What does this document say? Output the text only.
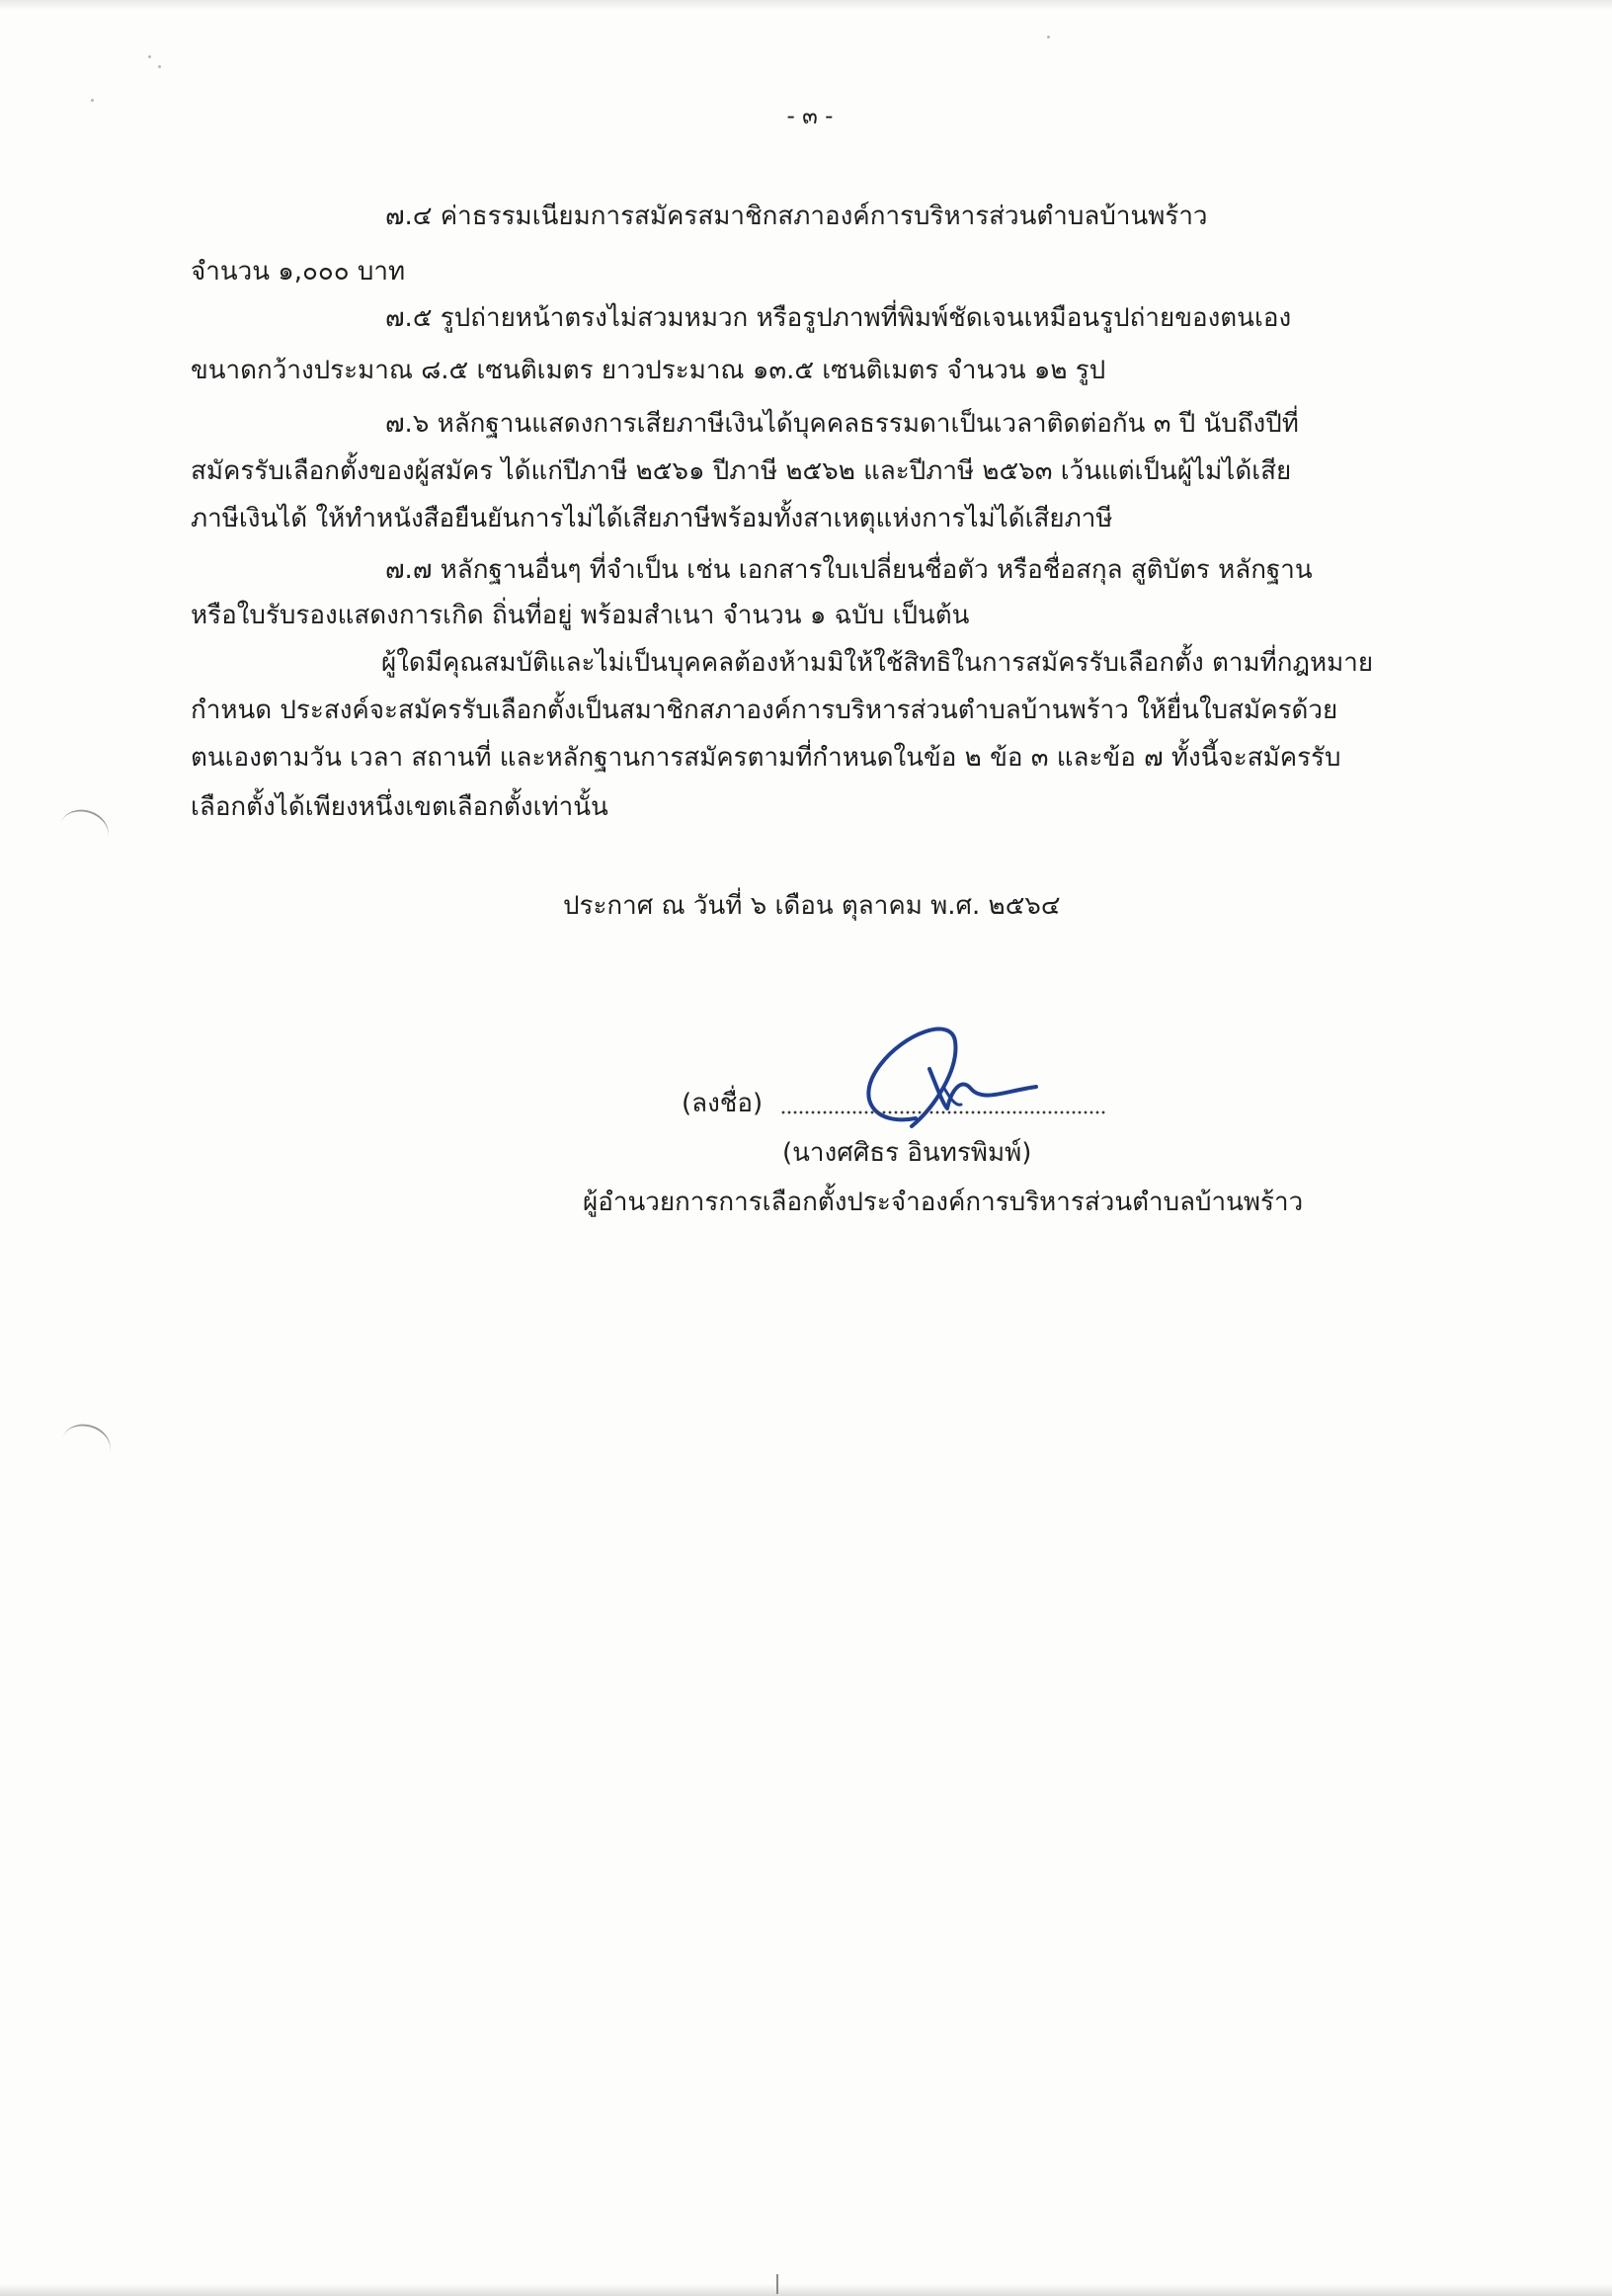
- ๓ -
๗.๔ ค่าธรรมเนียมการสมัครสมาชิกสภาองค์การบริหารส่วนตำบลบ้านพร้าว
จำนวน ๑,๐๐๐ บาท
๗.๕ รูปถ่ายหน้าตรงไม่สวมหมวก หรือรูปภาพที่พิมพ์ชัดเจนเหมือนรูปถ่ายของตนเอง
ขนาดกว้างประมาณ ๘.๕ เซนติเมตร ยาวประมาณ ๑๓.๕ เซนติเมตร จำนวน ๑๒ รูป
๗.๖ หลักฐานแสดงการเสียภาษีเงินได้บุคคลธรรมดาเป็นเวลาติดต่อกัน ๓ ปี นับถึงปีที่
สมัครรับเลือกตั้งของผู้สมัคร ได้แก่ปีภาษี ๒๕๖๑ ปีภาษี ๒๕๖๒ และปีภาษี ๒๕๖๓ เว้นแต่เป็นผู้ไม่ได้เสีย
ภาษีเงินได้ ให้ทำหนังสือยืนยันการไม่ได้เสียภาษีพร้อมทั้งสาเหตุแห่งการไม่ได้เสียภาษี
๗.๗ หลักฐานอื่นๆ ที่จำเป็น เช่น เอกสารใบเปลี่ยนชื่อตัว หรือชื่อสกุล สูติบัตร หลักฐาน
หรือใบรับรองแสดงการเกิด ถิ่นที่อยู่ พร้อมสำเนา จำนวน ๑ ฉบับ เป็นต้น
ผู้ใดมีคุณสมบัติและไม่เป็นบุคคลต้องห้ามมิให้ใช้สิทธิในการสมัครรับเลือกตั้ง ตามที่กฎหมาย
กำหนด ประสงค์จะสมัครรับเลือกตั้งเป็นสมาชิกสภาองค์การบริหารส่วนตำบลบ้านพร้าว ให้ยื่นใบสมัครด้วย
ตนเองตามวัน เวลา สถานที่ และหลักฐานการสมัครตามที่กำหนดในข้อ ๒ ข้อ ๓ และข้อ ๗ ทั้งนี้จะสมัครรับ
เลือกตั้งได้เพียงหนึ่งเขตเลือกตั้งเท่านั้น
ประกาศ ณ วันที่ ๖ เดือน ตุลาคม พ.ศ. ๒๕๖๔
(ลงชื่อ)
(นางศศิธร อินทรพิมพ์)
ผู้อำนวยการการเลือกตั้งประจำองค์การบริหารส่วนตำบลบ้านพร้าว
